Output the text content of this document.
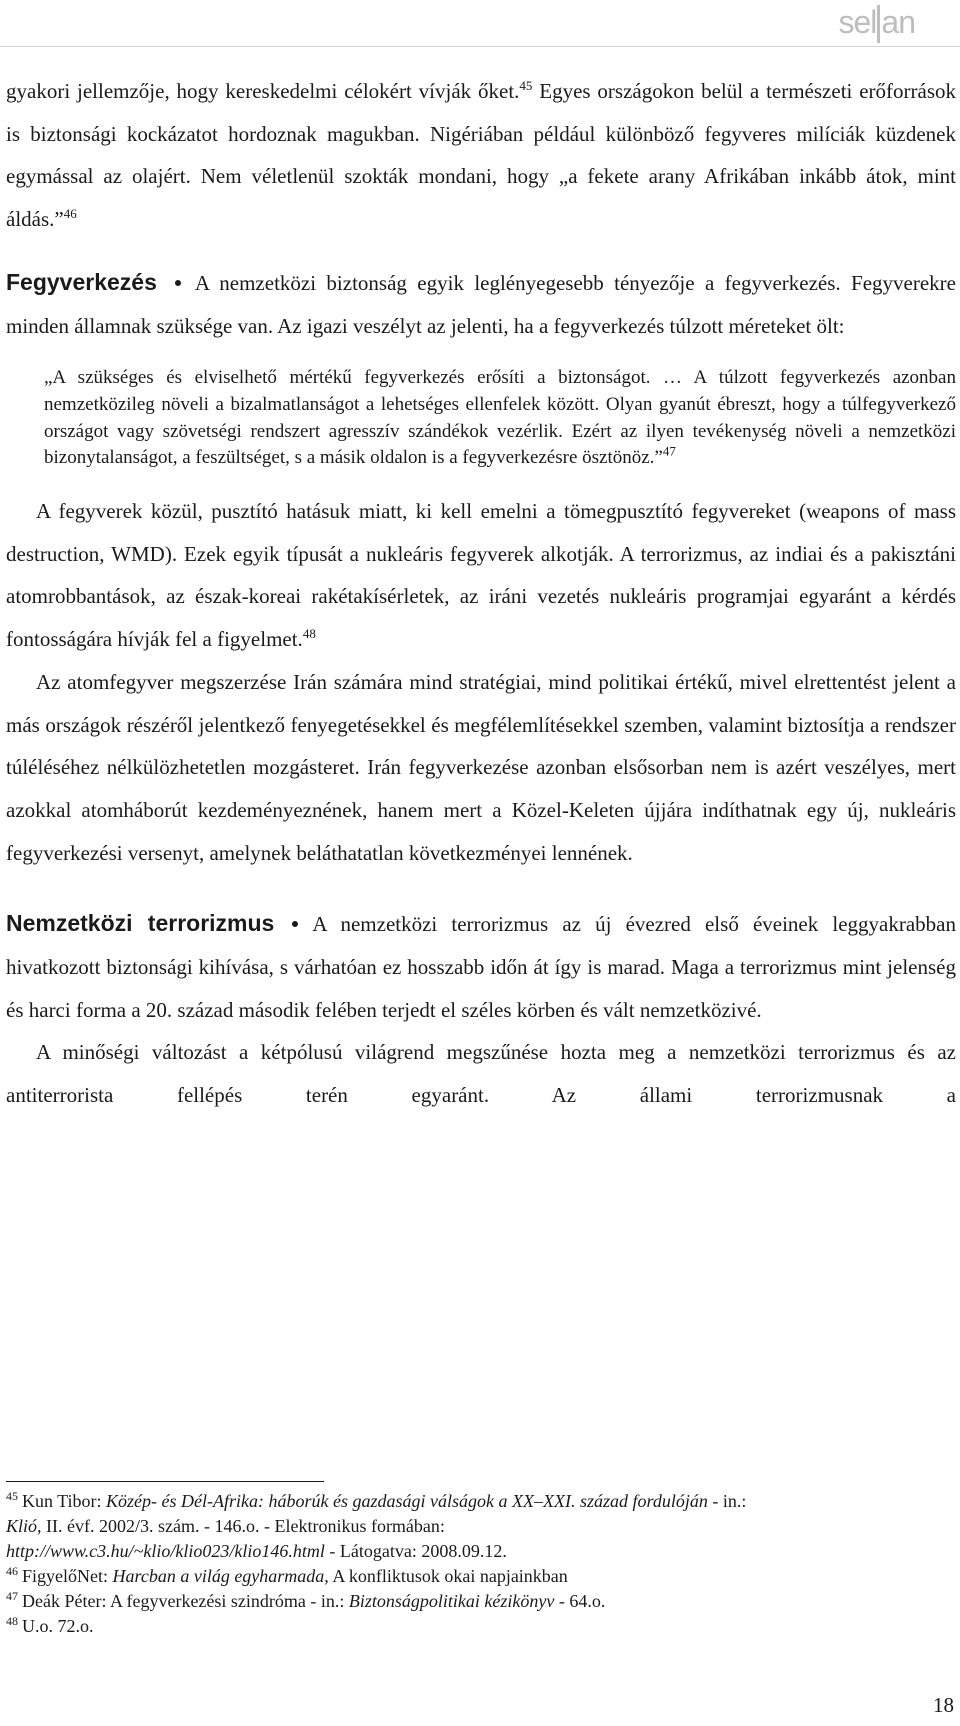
sel an

gyakori jellemzője, hogy kereskedelmi célokért vívják őket.$^{45}$ Egyes országokon belül a természeti erőforrások is biztonsági kockázatot hordoznak magukban. Nigériában például különböző fegyveres milíciák küzdenek egymással az olajért. Nem véletlenül szokták mondani, hogy „a fekete arany Afrikában inkább átok, mint áldás.”$^{46}$

Fegyverkezés A nemzetközi biztonság egyik leglényegesebb tényezője a fegyverkezés. Fegyverekre minden államnak szüksége van. Az igazi veszélyt az jelenti, ha a fegyverkezés túlzott méreteket ölt:

„A szükséges és elviselhető mértékű fegyverkezés erősíti a biztonságot. … A túlzott fegyverkezés azonban nemzetközileg növeli a bizalmatlanságot a lehetséges ellenfelek között. Olyan gyanút ébreszt, hogy a túlfegyverkező országot vagy szövetségi rendszert agresszív szándékok vezérlik. Ezért az ilyen tevékenység növeli a nemzetközi bizonytalanságot, a feszültséget, s a másik oldalon is a fegyverkezésre ösztönöz.”$^{47}$

A fegyverek közül, pusztító hatásuk miatt, ki kell emelni a tömegpusztító fegyvereket (weapons of mass destruction, WMD). Ezek egyik típusát a nukleáris fegyverek alkotják. A terrorizmus, az indiai és a pakisztáni atomrobbantások, az észak-koreai rakétakísérletek, az iráni vezetés nukleáris programjai egyaránt a kérdés fontosságára hívják fel a figyelmet.$^{48}$

Az atomfegyver megszerzése Irán számára mind stratégiai, mind politikai értékű, mivel elrettentést jelent a más országok részéről jelentkező fenyegetésekkel és megfélemlítésekkel szemben, valamint biztosítja a rendszer túléléséhez nélkülözhetetlen mozgásteret. Irán fegyverkezése azonban elsősorban nem is azért veszélyes, mert azokkal atomháborút kezdeményeznének, hanem mert a Közel-Keleten újjára indíthatnak egy új, nukleáris fegyverkezési versenyt, amelynek beláthatatlan következményei lennének.

Nemzetközi terrorizmus A nemzetközi terrorizmus az új évezred első éveinek leggyakrabban hivatkozott biztonsági kihívása, s várhatóan ez hosszabb időn át így is marad. Maga a terrorizmus mint jelenség és harci forma a 20. század második felében terjedt el széles körben és vált nemzetközivé.

A minőségi változást a kétpólusú világrend megszűnése hozta meg a nemzetközi terrorizmus és az antiterrorista fellépés terén egyaránt. Az állami terrorizmusnak a

$^{45}$ Kun Tibor: Közép- és Dél-Afrika: háborúk és gazdasági válságok a XX–XXI. század fordulóján - in.:

Klió, II. évf. 2002/3. szám. - 146.o. - Elektronikus formában:

http://www.c3.hu/~klio/klio023/klio146.html - Látogatva: 2008.09.12.

$^{46}$ FigyelőNet: Harcban a világ egyharmada, A konfliktusok okai napjainkban

$^{47}$ Deák Péter: A fegyverkezési szindróma - in.: Biztonságpolitikai kézikönyv - 64.o.

$^{48}$ U.o. 72.o.

18
